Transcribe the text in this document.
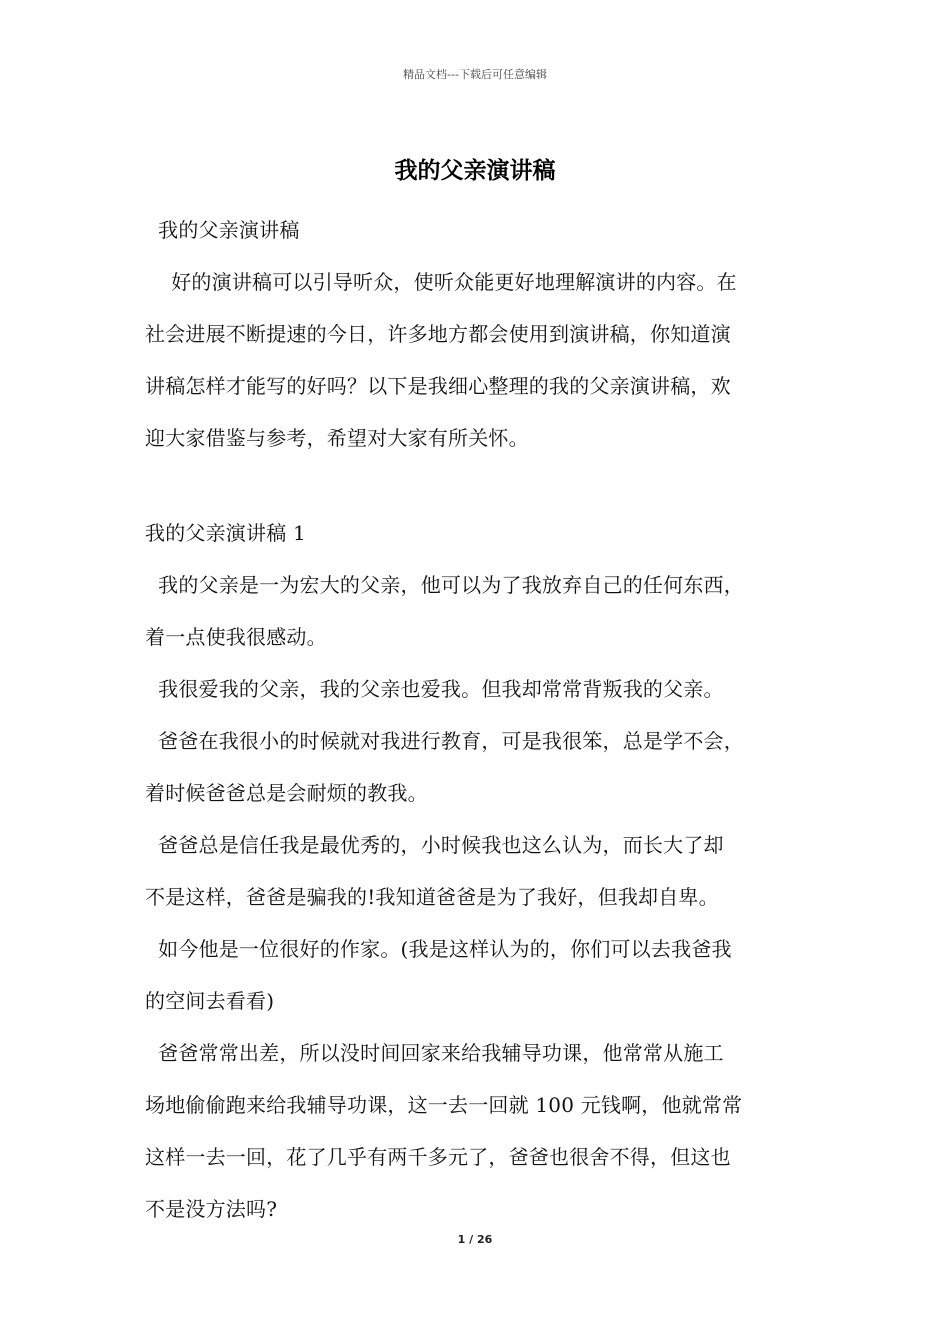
精品文档---下载后可任意编辑
我的父亲演讲稿
我的父亲演讲稿
好的演讲稿可以引导听众，使听众能更好地理解演讲的内容。在
社会进展不断提速的今日，许多地方都会使用到演讲稿，你知道演
讲稿怎样才能写的好吗？以下是我细心整理的我的父亲演讲稿，欢
迎大家借鉴与参考，希望对大家有所关怀。
我的父亲演讲稿 1
我的父亲是一为宏大的父亲，他可以为了我放弃自己的任何东西，
着一点使我很感动。
我很爱我的父亲，我的父亲也爱我。但我却常常背叛我的父亲。
爸爸在我很小的时候就对我进行教育，可是我很笨，总是学不会，
着时候爸爸总是会耐烦的教我。
爸爸总是信任我是最优秀的，小时候我也这么认为，而长大了却
不是这样，爸爸是骗我的!我知道爸爸是为了我好，但我却自卑。
如今他是一位很好的作家。(我是这样认为的，你们可以去我爸我
的空间去看看)
爸爸常常出差，所以没时间回家来给我辅导功课，他常常从施工
场地偷偷跑来给我辅导功课，这一去一回就 100 元钱啊，他就常常
这样一去一回，花了几乎有两千多元了，爸爸也很舍不得，但这也
不是没方法吗?
1 / 26
